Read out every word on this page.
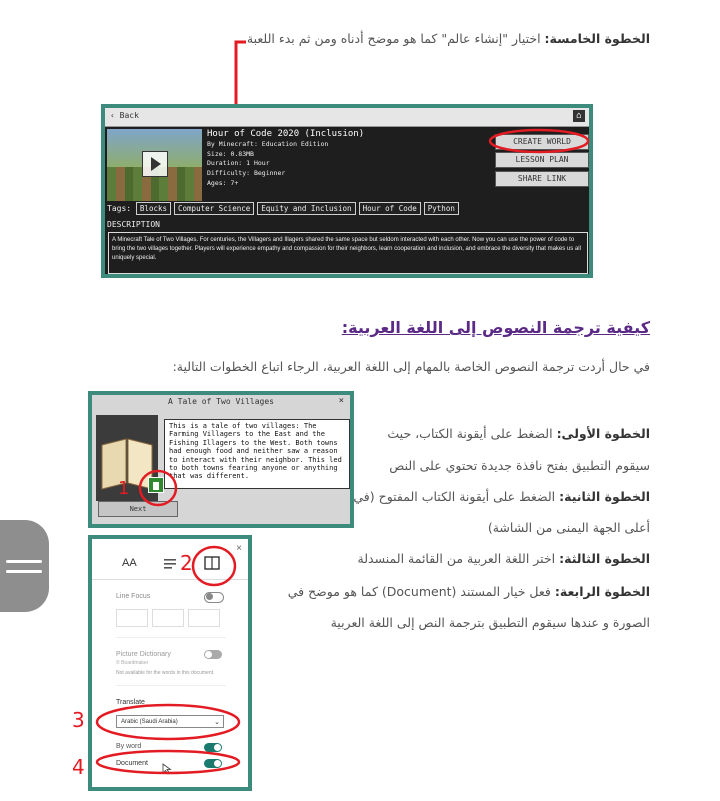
الخطوة الخامسة: اختيار "إنشاء عالم" كما هو موضح أدناه ومن ثم بدء اللعبة
‹ Back	⌂
Hour of Code 2020 (Inclusion)
By Minecraft: Education Edition
Size: 0.83MB
Duration: 1 Hour
Difficulty: Beginner
Ages: 7+
CREATE WORLD
LESSON PLAN
SHARE LINK
Tags: Blocks Computer Science Equity and Inclusion Hour of Code Python
DESCRIPTION
A Minecraft Tale of Two Villages. For centuries, the Villagers and Illagers shared the same space but seldom interacted with each other. Now you can use the power of code to bring the two villages together. Players will experience empathy and compassion for their neighbors, learn cooperation and inclusion, and embrace the diversity that makes us all uniquely special.
كيفية ترجمة النصوص إلى اللغة العربية:
في حال أردت ترجمة النصوص الخاصة بالمهام إلى اللغة العربية، الرجاء اتباع الخطوات التالية:
A Tale of Two Villages	×
This is a tale of two villages: The Farming Villagers to the East and the Fishing Illagers to the West. Both towns had enough food and neither saw a reason to interact with their neighbor. This led to both towns fearing anyone or anything that was different.
Next
1
الخطوة الأولى: الضغط على أيقونة الكتاب، حيث
سيقوم التطبيق بفتح نافذة جديدة تحتوي على النص
الخطوة الثانية: الضغط على أيقونة الكتاب المفتوح (في
أعلى الجهة اليمنى من الشاشة)
الخطوة الثالثة: اختر اللغة العربية من القائمة المنسدلة
الخطوة الرابعة: فعل خيار المستند (Document) كما هو موضح في
الصورة و عندها سيقوم التطبيق بترجمة النص إلى اللغة العربية
×
AA
Line Focus
Picture Dictionary
© Boardmaker
Not available for the words in this document.
Translate
Arabic (Saudi Arabia)	⌄
By word
Document
2
3
4
